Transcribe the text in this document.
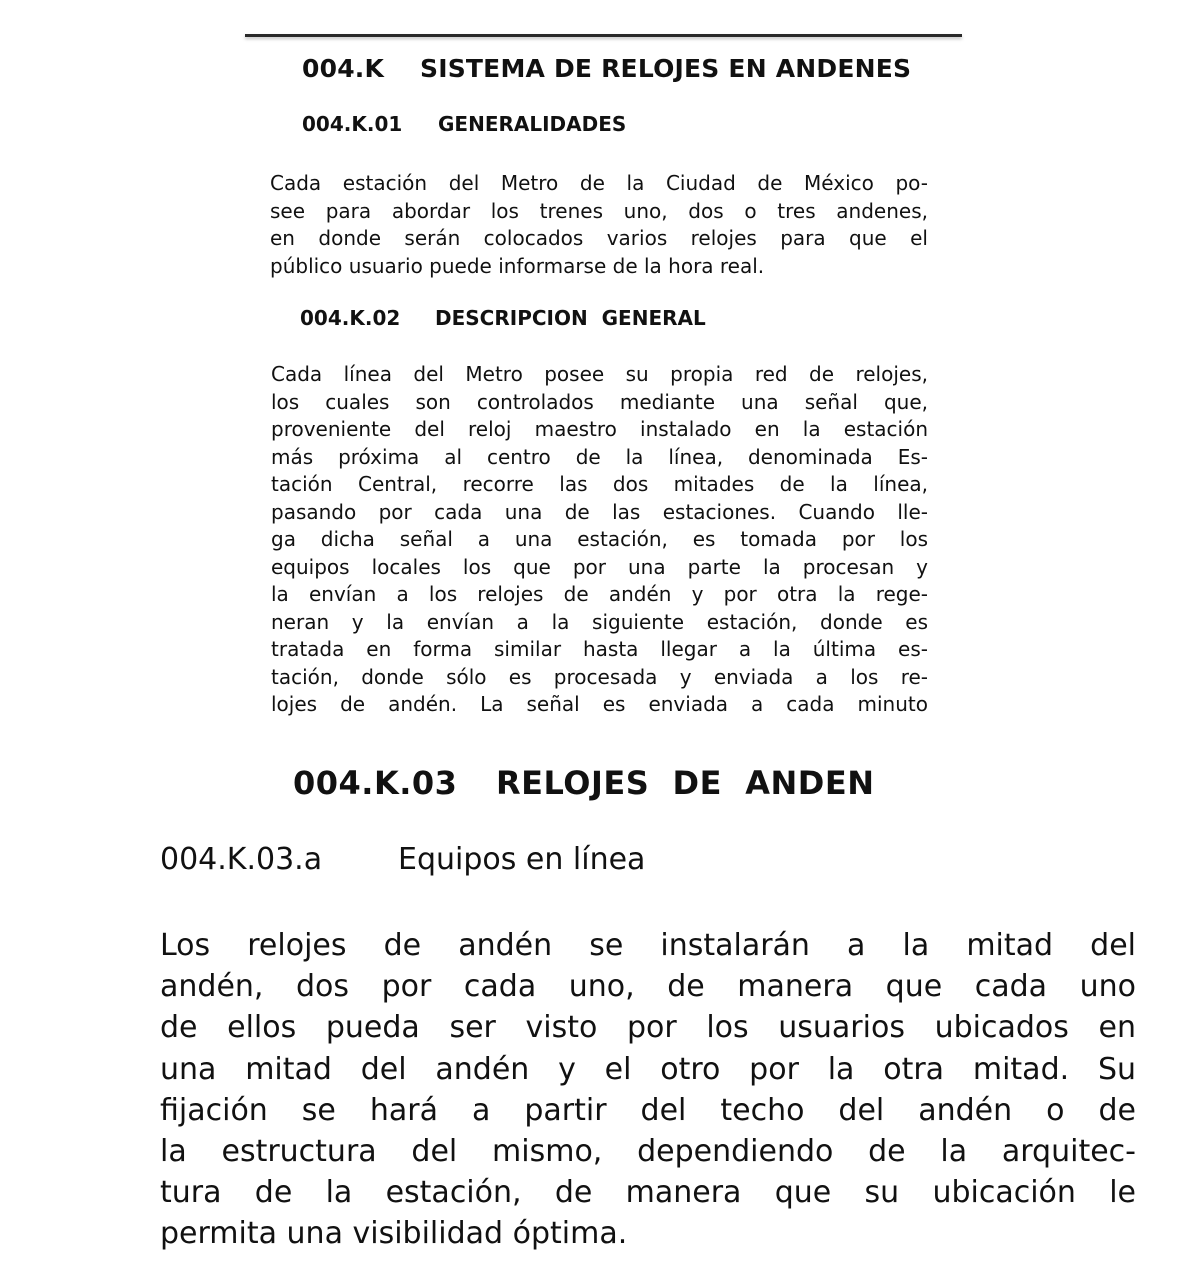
004.K SISTEMA DE RELOJES EN ANDENES
004.K.01 GENERALIDADES
Cada estación del Metro de la Ciudad de México po-
see para abordar los trenes uno, dos o tres andenes,
en donde serán colocados varios relojes para que el
público usuario puede informarse de la hora real.
004.K.02 DESCRIPCION  GENERAL
Cada línea del Metro posee su propia red de relojes,
los cuales son controlados mediante una señal que,
proveniente del reloj maestro instalado en la estación
más próxima al centro de la línea, denominada Es-
tación Central, recorre las dos mitades de la línea,
pasando por cada una de las estaciones. Cuando lle-
ga dicha señal a una estación, es tomada por los
equipos locales los que por una parte la procesan y
la envían a los relojes de andén y por otra la rege-
neran y la envían a la siguiente estación, donde es
tratada en forma similar hasta llegar a la última es-
tación, donde sólo es procesada y enviada a los re-
lojes de andén. La señal es enviada a cada minuto
004.K.03 RELOJES  DE  ANDEN
004.K.03.a	Equipos en línea
Los relojes de andén se instalarán a la mitad del
andén, dos por cada uno, de manera que cada uno
de ellos pueda ser visto por los usuarios ubicados en
una mitad del andén y el otro por la otra mitad. Su
fijación se hará a partir del techo del andén o de
la estructura del mismo, dependiendo de la arquitec-
tura de la estación, de manera que su ubicación le
permita una visibilidad óptima.
